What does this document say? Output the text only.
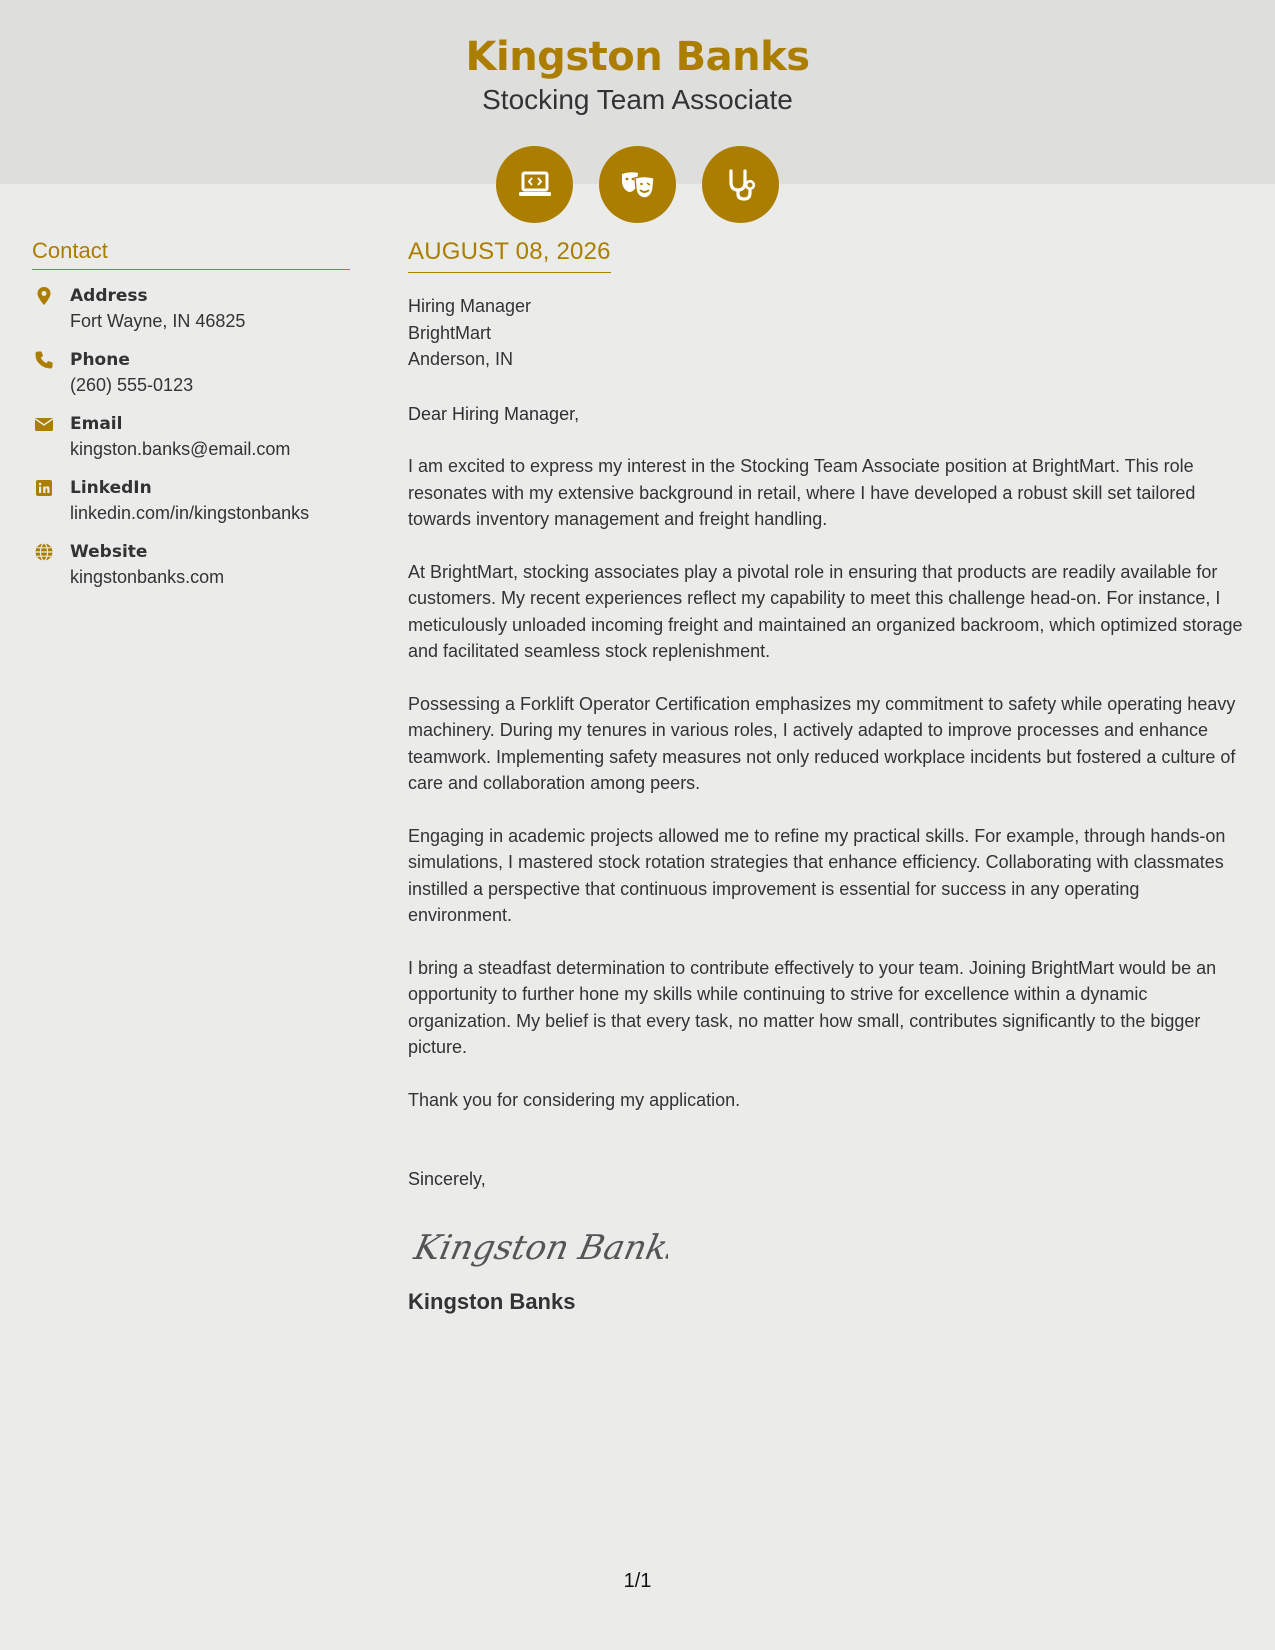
Kingston Banks
Stocking Team Associate
Contact
Address
Fort Wayne, IN 46825
Phone
(260) 555-0123
Email
kingston.banks@email.com
LinkedIn
linkedin.com/in/kingstonbanks
Website
kingstonbanks.com
AUGUST 08, 2026
Hiring Manager
BrightMart
Anderson, IN
Dear Hiring Manager,
I am excited to express my interest in the Stocking Team Associate position at BrightMart. This role resonates with my extensive background in retail, where I have developed a robust skill set tailored towards inventory management and freight handling.
At BrightMart, stocking associates play a pivotal role in ensuring that products are readily available for customers. My recent experiences reflect my capability to meet this challenge head-on. For instance, I meticulously unloaded incoming freight and maintained an organized backroom, which optimized storage and facilitated seamless stock replenishment.
Possessing a Forklift Operator Certification emphasizes my commitment to safety while operating heavy machinery. During my tenures in various roles, I actively adapted to improve processes and enhance teamwork. Implementing safety measures not only reduced workplace incidents but fostered a culture of care and collaboration among peers.
Engaging in academic projects allowed me to refine my practical skills. For example, through hands-on simulations, I mastered stock rotation strategies that enhance efficiency. Collaborating with classmates instilled a perspective that continuous improvement is essential for success in any operating environment.
I bring a steadfast determination to contribute effectively to your team. Joining BrightMart would be an opportunity to further hone my skills while continuing to strive for excellence within a dynamic organization. My belief is that every task, no matter how small, contributes significantly to the bigger picture.
Thank you for considering my application.
Sincerely,
Kingston Banks
Kingston Banks
1/1
